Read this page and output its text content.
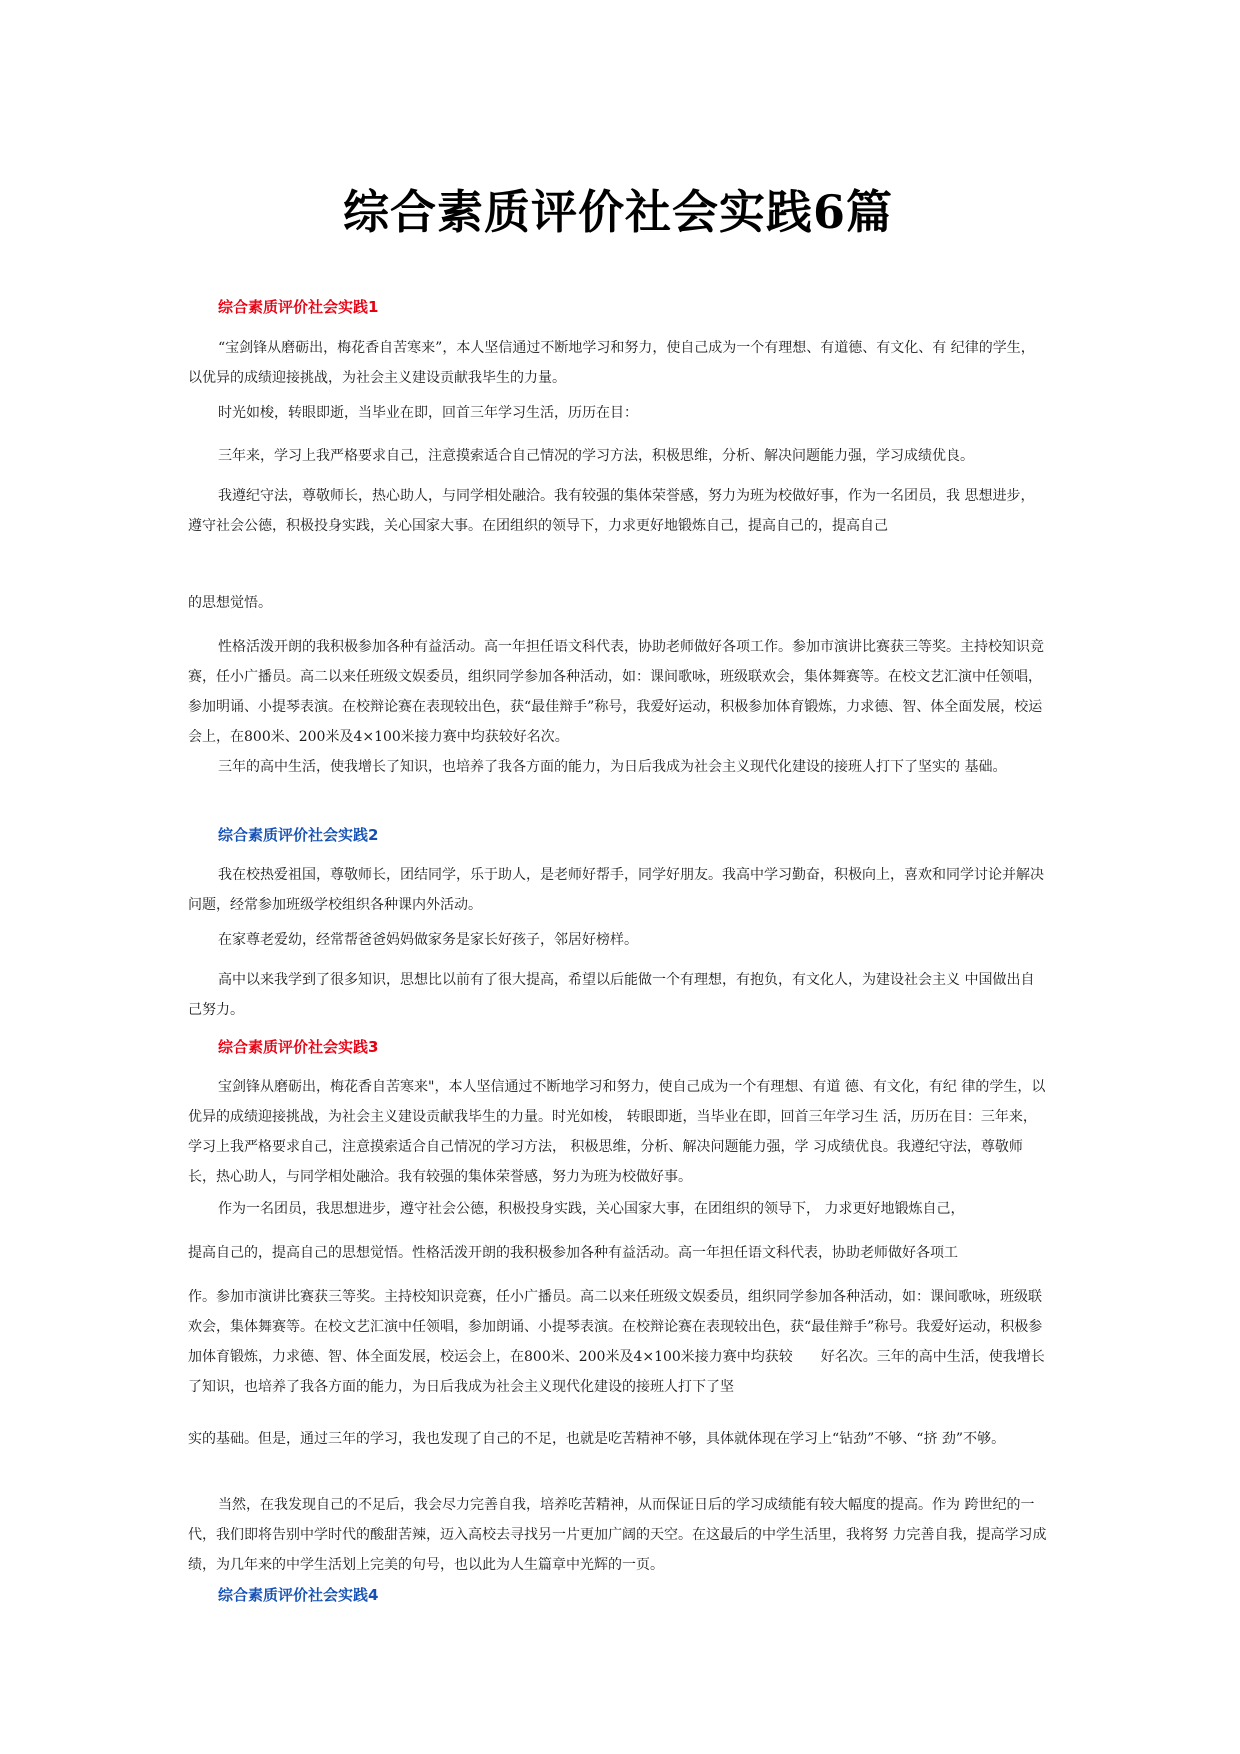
综合素质评价社会实践6篇
综合素质评价社会实践1

“宝剑锋从磨砺出，梅花香自苦寒来”，本人坚信通过不断地学习和努力，使自己成为一个有理想、有道德、有文化、有 纪律的学生，以优异的成绩迎接挑战，为社会主义建设贡献我毕生的力量。

时光如梭，转眼即逝，当毕业在即，回首三年学习生活，历历在目：

三年来，学习上我严格要求自己，注意摸索适合自己情况的学习方法，积极思维，分析、解决问题能力强，学习成绩优良。

我遵纪守法，尊敬师长，热心助人，与同学相处融洽。我有较强的集体荣誉感，努力为班为校做好事，作为一名团员，我 思想进步，遵守社会公德，积极投身实践，关心国家大事。在团组织的领导下，力求更好地锻炼自己，提高自己的，提高自己

的思想觉悟。

性格活泼开朗的我积极参加各种有益活动。高一年担任语文科代表，协助老师做好各项工作。参加市演讲比赛获三等奖。主持校知识竞赛，任小广播员。高二以来任班级文娱委员，组织同学参加各种活动，如：课间歌咏，班级联欢会，集体舞赛等。在校文艺汇演中任领唱，参加明诵、小提琴表演。在校辩论赛在表现较出色，获“最佳辩手”称号，我爱好运动，积极参加体育锻炼，力求德、智、体全面发展，校运会上，在800米、200米及4×100米接力赛中均获较好名次。

三年的高中生活，使我增长了知识，也培养了我各方面的能力，为日后我成为社会主义现代化建设的接班人打下了坚实的 基础。

综合素质评价社会实践2

我在校热爱祖国，尊敬师长，团结同学，乐于助人，是老师好帮手，同学好朋友。我高中学习勤奋，积极向上，喜欢和同学讨论并解决问题，经常参加班级学校组织各种课内外活动。

在家尊老爱幼，经常帮爸爸妈妈做家务是家长好孩子，邻居好榜样。

高中以来我学到了很多知识，思想比以前有了很大提高，希望以后能做一个有理想，有抱负，有文化人，为建设社会主义 中国做出自己努力。

综合素质评价社会实践3

宝剑锋从磨砺出，梅花香自苦寒来"，本人坚信通过不断地学习和努力，使自己成为一个有理想、有道 德、有文化，有纪 律的学生，以优异的成绩迎接挑战，为社会主义建设贡献我毕生的力量。时光如梭， 转眼即逝，当毕业在即，回首三年学习生 活，历历在目：三年来，学习上我严格要求自己，注意摸索适合自己情况的学习方法， 积极思维，分析、解决问题能力强，学 习成绩优良。我遵纪守法，尊敬师长，热心助人，与同学相处融洽。我有较强的集体荣誉感，努力为班为校做好事。

作为一名团员，我思想进步，遵守社会公德，积极投身实践，关心国家大事，在团组织的领导下， 力求更好地锻炼自己，

提高自己的，提高自己的思想觉悟。性格活泼开朗的我积极参加各种有益活动。高一年担任语文科代表，协助老师做好各项工

作。参加市演讲比赛获三等奖。主持校知识竞赛，任小广播员。高二以来任班级文娱委员，组织同学参加各种活动，如：课间歌咏，班级联欢会，集体舞赛等。在校文艺汇演中任领唱，参加朗诵、小提琴表演。在校辩论赛在表现较出色，获“最佳辩手”称号。我爱好运动，积极参加体育锻炼，力求德、智、体全面发展，校运会上，在800米、200米及4×100米接力赛中均获较　　好名次。三年的高中生活，使我增长了知识，也培养了我各方面的能力，为日后我成为社会主义现代化建设的接班人打下了坚

实的基础。但是，通过三年的学习，我也发现了自己的不足，也就是吃苦精神不够，具体就体现在学习上“钻劲”不够、“挤 劲”不够。

当然，在我发现自己的不足后，我会尽力完善自我，培养吃苦精神，从而保证日后的学习成绩能有较大幅度的提高。作为 跨世纪的一代，我们即将告别中学时代的酸甜苦辣，迈入高校去寻找另一片更加广阔的天空。在这最后的中学生活里，我将努 力完善自我，提高学习成绩，为几年来的中学生活划上完美的句号，也以此为人生篇章中光辉的一页。

综合素质评价社会实践4
